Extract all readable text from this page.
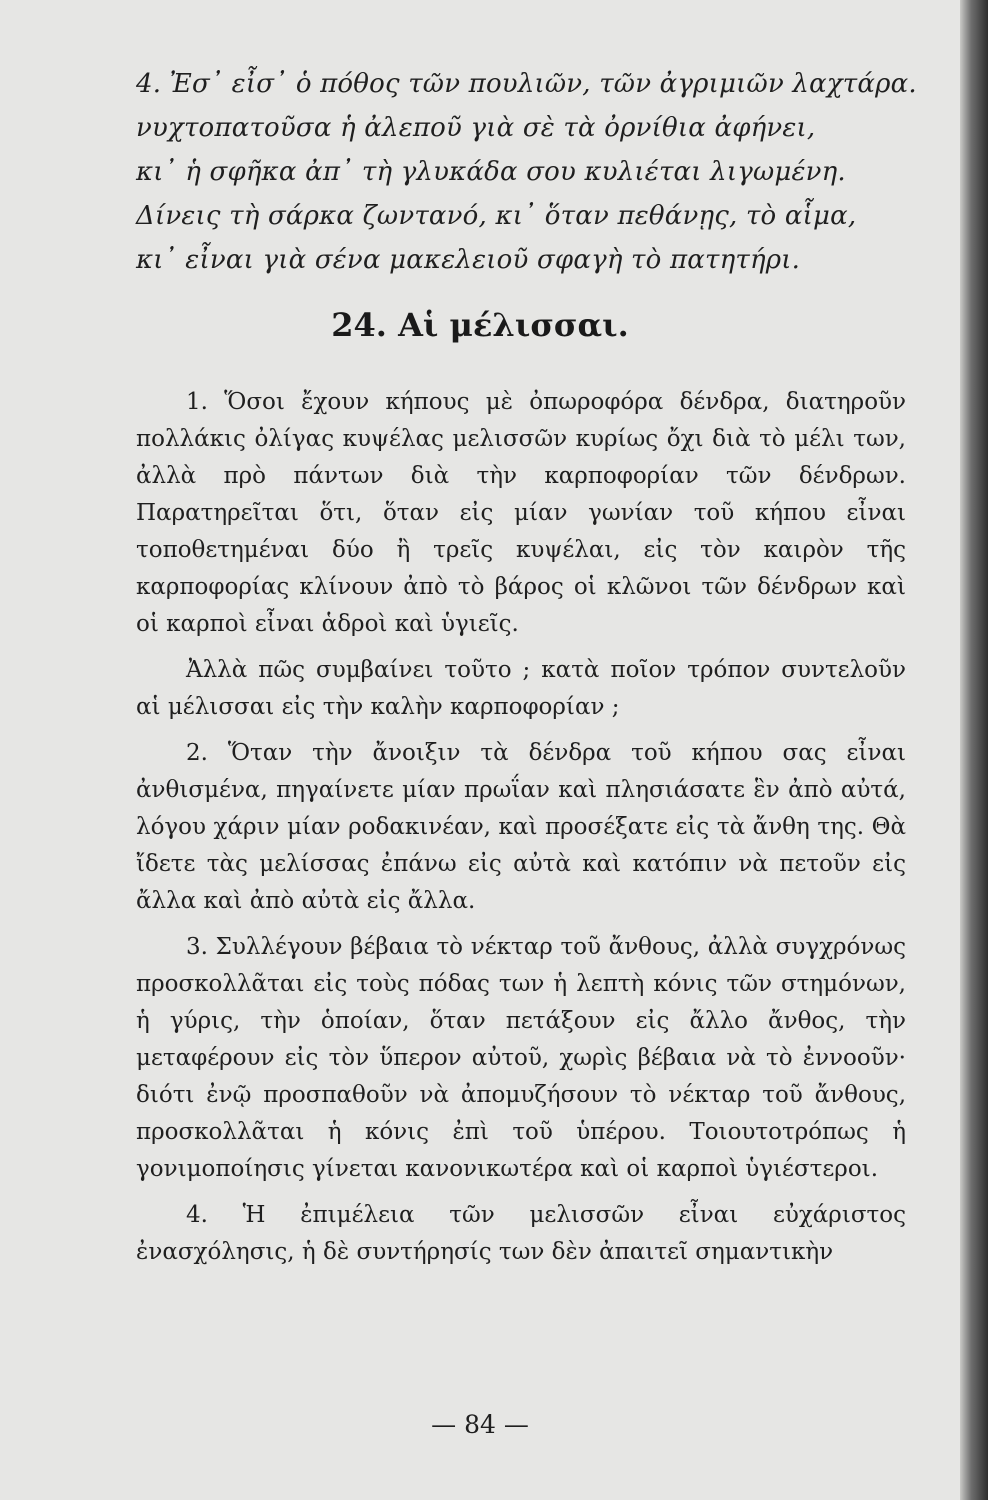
4. Ἐσ᾿ εἶσ᾿ ὁ πόθος τῶν πουλιῶν, τῶν ἀγριμιῶν λαχτάρα.
νυχτοπατοῦσα ἡ ἀλεποῦ γιὰ σὲ τὰ ὀρνίθια ἀφήνει,
κι᾿ ἡ σφῆκα ἀπ᾿ τὴ γλυκάδα σου κυλιέται λιγωμένη.
Δίνεις τὴ σάρκα ζωντανό, κι᾿ ὅταν πεθάνῃς, τὸ αἷμα,
κι᾿ εἶναι γιὰ σένα μακελειοῦ σφαγὴ τὸ πατητήρι.
24. Αἱ μέλισσαι.

1. Ὅσοι ἔχουν κήπους μὲ ὀπωροφόρα δένδρα, διατηροῦν πολλάκις ὀλίγας κυψέλας μελισσῶν κυρίως ὄχι διὰ τὸ μέλι των, ἀλλὰ πρὸ πάντων διὰ τὴν καρποφορίαν τῶν δένδρων. Παρατηρεῖται ὅτι, ὅταν εἰς μίαν γωνίαν τοῦ κήπου εἶναι τοποθετημέναι δύο ἢ τρεῖς κυψέλαι, εἰς τὸν καιρὸν τῆς καρποφορίας κλίνουν ἀπὸ τὸ βάρος οἱ κλῶνοι τῶν δένδρων καὶ οἱ καρποὶ εἶναι ἁδροὶ καὶ ὑγιεῖς.

Ἀλλὰ πῶς συμβαίνει τοῦτο ; κατὰ ποῖον τρόπον συντελοῦν αἱ μέλισσαι εἰς τὴν καλὴν καρποφορίαν ;

2. Ὅταν τὴν ἄνοιξιν τὰ δένδρα τοῦ κήπου σας εἶναι ἀνθισμένα, πηγαίνετε μίαν πρωΐαν καὶ πλησιάσατε ἓν ἀπὸ αὐτά, λόγου χάριν μίαν ροδακινέαν, καὶ προσέξατε εἰς τὰ ἄνθη της. Θὰ ἴδετε τὰς μελίσσας ἐπάνω εἰς αὐτὰ καὶ κατόπιν νὰ πετοῦν εἰς ἄλλα καὶ ἀπὸ αὐτὰ εἰς ἄλλα.

3. Συλλέγουν βέβαια τὸ νέκταρ τοῦ ἄνθους, ἀλλὰ συγχρόνως προσκολλᾶται εἰς τοὺς πόδας των ἡ λεπτὴ κόνις τῶν στημόνων, ἡ γύρις, τὴν ὁποίαν, ὅταν πετάξουν εἰς ἄλλο ἄνθος, τὴν μεταφέρουν εἰς τὸν ὕπερον αὐτοῦ, χωρὶς βέβαια νὰ τὸ ἐννοοῦν· διότι ἐνῷ προσπαθοῦν νὰ ἀπομυζήσουν τὸ νέκταρ τοῦ ἄνθους, προσκολλᾶται ἡ κόνις ἐπὶ τοῦ ὑπέρου. Τοιουτοτρόπως ἡ γονιμοποίησις γίνεται κανονικωτέρα καὶ οἱ καρποὶ ὑγιέστεροι.

4. Ἡ ἐπιμέλεια τῶν μελισσῶν εἶναι εὐχάριστος ἐνασχόλησις, ἡ δὲ συντήρησίς των δὲν ἀπαιτεῖ σημαντικὴν

— 84 —
